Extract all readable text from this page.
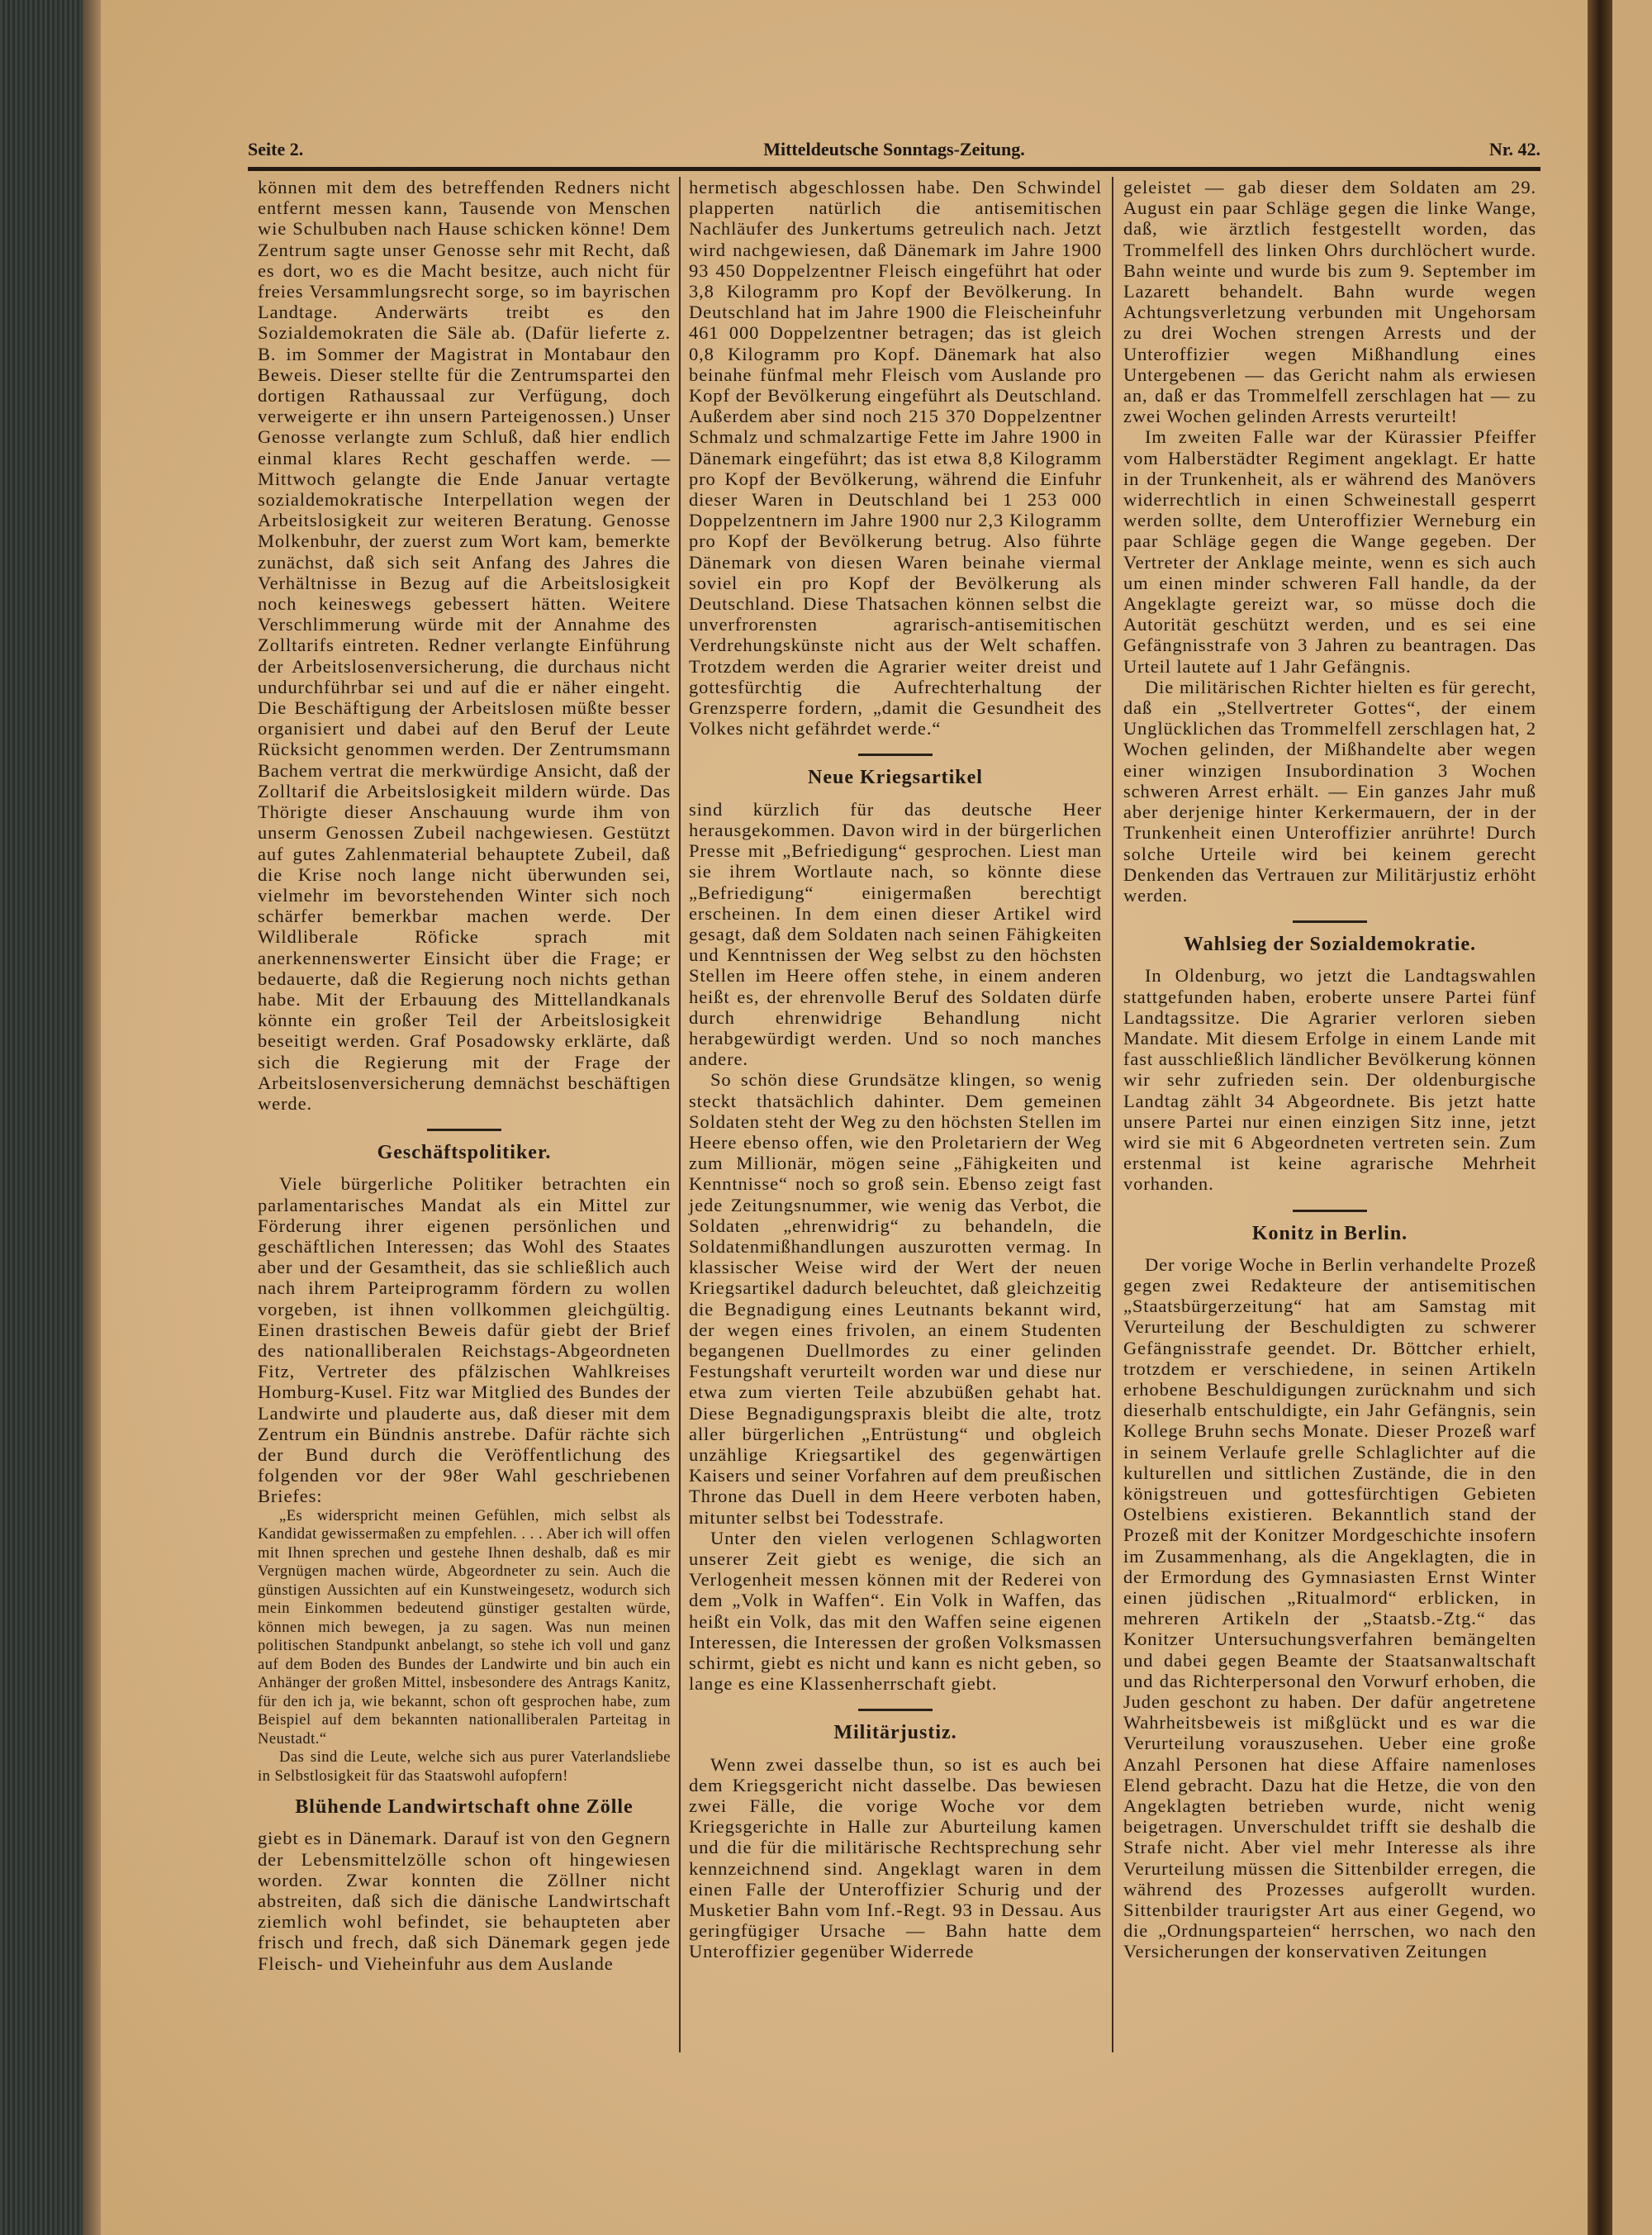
Mitteldeutsche Sonntags-Zeitung.
Seite 2.	Nr. 42.

können mit dem des betreffenden Redners nicht entfernt messen kann, Tausende von Menschen wie Schulbuben nach Hause schicken könne! Dem Zentrum sagte unser Genosse sehr mit Recht, daß es dort, wo es die Macht besitze, auch nicht für freies Versammlungsrecht sorge, so im bayrischen Landtage. Anderwärts treibt es den Sozialdemokraten die Säle ab. (Dafür lieferte z. B. im Sommer der Magistrat in Montabaur den Beweis. Dieser stellte für die Zentrumspartei den dortigen Rathaussaal zur Verfügung, doch verweigerte er ihn unsern Parteigenossen.) Unser Genosse verlangte zum Schluß, daß hier endlich einmal klares Recht geschaffen werde. — Mittwoch gelangte die Ende Januar vertagte sozialdemokratische Interpellation wegen der Arbeitslosigkeit zur weiteren Beratung. Genosse Molkenbuhr, der zuerst zum Wort kam, bemerkte zunächst, daß sich seit Anfang des Jahres die Verhältnisse in Bezug auf die Arbeitslosigkeit noch keineswegs gebessert hätten. Weitere Verschlimmerung würde mit der Annahme des Zolltarifs eintreten. Redner verlangte Einführung der Arbeitslosenversicherung, die durchaus nicht undurchführbar sei und auf die er näher eingeht. Die Beschäftigung der Arbeitslosen müßte besser organisiert und dabei auf den Beruf der Leute Rücksicht genommen werden. Der Zentrumsmann Bachem vertrat die merkwürdige Ansicht, daß der Zolltarif die Arbeitslosigkeit mildern würde. Das Thörigte dieser Anschauung wurde ihm von unserm Genossen Zubeil nachgewiesen. Gestützt auf gutes Zahlenmaterial behauptete Zubeil, daß die Krise noch lange nicht überwunden sei, vielmehr im bevorstehenden Winter sich noch schärfer bemerkbar machen werde. Der Wildliberale Röficke sprach mit anerkennenswerter Einsicht über die Frage; er bedauerte, daß die Regierung noch nichts gethan habe. Mit der Erbauung des Mittellandkanals könnte ein großer Teil der Arbeitslosigkeit beseitigt werden. Graf Posadowsky erklärte, daß sich die Regierung mit der Frage der Arbeitslosenversicherung demnächst beschäftigen werde.

Geschäftspolitiker.

Viele bürgerliche Politiker betrachten ein parlamentarisches Mandat als ein Mittel zur Förderung ihrer eigenen persönlichen und geschäftlichen Interessen; das Wohl des Staates aber und der Gesamtheit, das sie schließlich auch nach ihrem Parteiprogramm fördern zu wollen vorgeben, ist ihnen vollkommen gleichgültig. Einen drastischen Beweis dafür giebt der Brief des nationalliberalen Reichstags-Abgeordneten Fitz, Vertreter des pfälzischen Wahlkreises Homburg-Kusel. Fitz war Mitglied des Bundes der Landwirte und plauderte aus, daß dieser mit dem Zentrum ein Bündnis anstrebe. Dafür rächte sich der Bund durch die Veröffentlichung des folgenden vor der 98er Wahl geschriebenen Briefes:

„Es widerspricht meinen Gefühlen, mich selbst als Kandidat gewissermaßen zu empfehlen. . . . Aber ich will offen mit Ihnen sprechen und gestehe Ihnen deshalb, daß es mir Vergnügen machen würde, Abgeordneter zu sein. Auch die günstigen Aussichten auf ein Kunstweingesetz, wodurch sich mein Einkommen bedeutend günstiger gestalten würde, können mich bewegen, ja zu sagen. Was nun meinen politischen Standpunkt anbelangt, so stehe ich voll und ganz auf dem Boden des Bundes der Landwirte und bin auch ein Anhänger der großen Mittel, insbesondere des Antrags Kanitz, für den ich ja, wie bekannt, schon oft gesprochen habe, zum Beispiel auf dem bekannten nationalliberalen Parteitag in Neustadt.“

Das sind die Leute, welche sich aus purer Vaterlandsliebe in Selbstlosigkeit für das Staatswohl aufopfern!

Blühende Landwirtschaft ohne Zölle

giebt es in Dänemark. Darauf ist von den Gegnern der Lebensmittelzölle schon oft hingewiesen worden. Zwar konnten die Zöllner nicht abstreiten, daß sich die dänische Landwirtschaft ziemlich wohl befindet, sie behaupteten aber frisch und frech, daß sich Dänemark gegen jede Fleisch- und Vieheinfuhr aus dem Auslande

hermetisch abgeschlossen habe. Den Schwindel plapperten natürlich die antisemitischen Nachläufer des Junkertums getreulich nach. Jetzt wird nachgewiesen, daß Dänemark im Jahre 1900 93 450 Doppelzentner Fleisch eingeführt hat oder 3,8 Kilogramm pro Kopf der Bevölkerung. In Deutschland hat im Jahre 1900 die Fleischeinfuhr 461 000 Doppelzentner betragen; das ist gleich 0,8 Kilogramm pro Kopf. Dänemark hat also beinahe fünfmal mehr Fleisch vom Auslande pro Kopf der Bevölkerung eingeführt als Deutschland. Außerdem aber sind noch 215 370 Doppelzentner Schmalz und schmalzartige Fette im Jahre 1900 in Dänemark eingeführt; das ist etwa 8,8 Kilogramm pro Kopf der Bevölkerung, während die Einfuhr dieser Waren in Deutschland bei 1 253 000 Doppelzentnern im Jahre 1900 nur 2,3 Kilogramm pro Kopf der Bevölkerung betrug. Also führte Dänemark von diesen Waren beinahe viermal soviel ein pro Kopf der Bevölkerung als Deutschland. Diese Thatsachen können selbst die unverfrorensten agrarisch-antisemitischen Verdrehungskünste nicht aus der Welt schaffen. Trotzdem werden die Agrarier weiter dreist und gottesfürchtig die Aufrechterhaltung der Grenzsperre fordern, „damit die Gesundheit des Volkes nicht gefährdet werde.“

Neue Kriegsartikel

sind kürzlich für das deutsche Heer herausgekommen. Davon wird in der bürgerlichen Presse mit „Befriedigung“ gesprochen. Liest man sie ihrem Wortlaute nach, so könnte diese „Befriedigung“ einigermaßen berechtigt erscheinen. In dem einen dieser Artikel wird gesagt, daß dem Soldaten nach seinen Fähigkeiten und Kenntnissen der Weg selbst zu den höchsten Stellen im Heere offen stehe, in einem anderen heißt es, der ehrenvolle Beruf des Soldaten dürfe durch ehrenwidrige Behandlung nicht herabgewürdigt werden. Und so noch manches andere.

So schön diese Grundsätze klingen, so wenig steckt thatsächlich dahinter. Dem gemeinen Soldaten steht der Weg zu den höchsten Stellen im Heere ebenso offen, wie den Proletariern der Weg zum Millionär, mögen seine „Fähigkeiten und Kenntnisse“ noch so groß sein. Ebenso zeigt fast jede Zeitungsnummer, wie wenig das Verbot, die Soldaten „ehrenwidrig“ zu behandeln, die Soldatenmißhandlungen auszurotten vermag. In klassischer Weise wird der Wert der neuen Kriegsartikel dadurch beleuchtet, daß gleichzeitig die Begnadigung eines Leutnants bekannt wird, der wegen eines frivolen, an einem Studenten begangenen Duellmordes zu einer gelinden Festungshaft verurteilt worden war und diese nur etwa zum vierten Teile abzubüßen gehabt hat. Diese Begnadigungspraxis bleibt die alte, trotz aller bürgerlichen „Entrüstung“ und obgleich unzählige Kriegsartikel des gegenwärtigen Kaisers und seiner Vorfahren auf dem preußischen Throne das Duell in dem Heere verboten haben, mitunter selbst bei Todesstrafe.

Unter den vielen verlogenen Schlagworten unserer Zeit giebt es wenige, die sich an Verlogenheit messen können mit der Rederei von dem „Volk in Waffen“. Ein Volk in Waffen, das heißt ein Volk, das mit den Waffen seine eigenen Interessen, die Interessen der großen Volksmassen schirmt, giebt es nicht und kann es nicht geben, so lange es eine Klassenherrschaft giebt.

Militärjustiz.

Wenn zwei dasselbe thun, so ist es auch bei dem Kriegsgericht nicht dasselbe. Das bewiesen zwei Fälle, die vorige Woche vor dem Kriegsgerichte in Halle zur Aburteilung kamen und die für die militärische Rechtsprechung sehr kennzeichnend sind. Angeklagt waren in dem einen Falle der Unteroffizier Schurig und der Musketier Bahn vom Inf.-Regt. 93 in Dessau. Aus geringfügiger Ursache — Bahn hatte dem Unteroffizier gegenüber Widerrede

geleistet — gab dieser dem Soldaten am 29. August ein paar Schläge gegen die linke Wange, daß, wie ärztlich festgestellt worden, das Trommelfell des linken Ohrs durchlöchert wurde. Bahn weinte und wurde bis zum 9. September im Lazarett behandelt. Bahn wurde wegen Achtungsverletzung verbunden mit Ungehorsam zu drei Wochen strengen Arrests und der Unteroffizier wegen Mißhandlung eines Untergebenen — das Gericht nahm als erwiesen an, daß er das Trommelfell zerschlagen hat — zu zwei Wochen gelinden Arrests verurteilt!

Im zweiten Falle war der Kürassier Pfeiffer vom Halberstädter Regiment angeklagt. Er hatte in der Trunkenheit, als er während des Manövers widerrechtlich in einen Schweinestall gesperrt werden sollte, dem Unteroffizier Werneburg ein paar Schläge gegen die Wange gegeben. Der Vertreter der Anklage meinte, wenn es sich auch um einen minder schweren Fall handle, da der Angeklagte gereizt war, so müsse doch die Autorität geschützt werden, und es sei eine Gefängnisstrafe von 3 Jahren zu beantragen. Das Urteil lautete auf 1 Jahr Gefängnis.

Die militärischen Richter hielten es für gerecht, daß ein „Stellvertreter Gottes“, der einem Unglücklichen das Trommelfell zerschlagen hat, 2 Wochen gelinden, der Mißhandelte aber wegen einer winzigen Insubordination 3 Wochen schweren Arrest erhält. — Ein ganzes Jahr muß aber derjenige hinter Kerkermauern, der in der Trunkenheit einen Unteroffizier anrührte! Durch solche Urteile wird bei keinem gerecht Denkenden das Vertrauen zur Militärjustiz erhöht werden.

Wahlsieg der Sozialdemokratie.

In Oldenburg, wo jetzt die Landtagswahlen stattgefunden haben, eroberte unsere Partei fünf Landtagssitze. Die Agrarier verloren sieben Mandate. Mit diesem Erfolge in einem Lande mit fast ausschließlich ländlicher Bevölkerung können wir sehr zufrieden sein. Der oldenburgische Landtag zählt 34 Abgeordnete. Bis jetzt hatte unsere Partei nur einen einzigen Sitz inne, jetzt wird sie mit 6 Abgeordneten vertreten sein. Zum erstenmal ist keine agrarische Mehrheit vorhanden.

Konitz in Berlin.

Der vorige Woche in Berlin verhandelte Prozeß gegen zwei Redakteure der antisemitischen „Staatsbürgerzeitung“ hat am Samstag mit Verurteilung der Beschuldigten zu schwerer Gefängnisstrafe geendet. Dr. Böttcher erhielt, trotzdem er verschiedene, in seinen Artikeln erhobene Beschuldigungen zurücknahm und sich dieserhalb entschuldigte, ein Jahr Gefängnis, sein Kollege Bruhn sechs Monate. Dieser Prozeß warf in seinem Verlaufe grelle Schlaglichter auf die kulturellen und sittlichen Zustände, die in den königstreuen und gottesfürchtigen Gebieten Ostelbiens existieren. Bekanntlich stand der Prozeß mit der Konitzer Mordgeschichte insofern im Zusammenhang, als die Angeklagten, die in der Ermordung des Gymnasiasten Ernst Winter einen jüdischen „Ritualmord“ erblicken, in mehreren Artikeln der „Staatsb.-Ztg.“ das Konitzer Untersuchungsverfahren bemängelten und dabei gegen Beamte der Staatsanwaltschaft und das Richterpersonal den Vorwurf erhoben, die Juden geschont zu haben. Der dafür angetretene Wahrheitsbeweis ist mißglückt und es war die Verurteilung vorauszusehen. Ueber eine große Anzahl Personen hat diese Affaire namenloses Elend gebracht. Dazu hat die Hetze, die von den Angeklagten betrieben wurde, nicht wenig beigetragen. Unverschuldet trifft sie deshalb die Strafe nicht. Aber viel mehr Interesse als ihre Verurteilung müssen die Sittenbilder erregen, die während des Prozesses aufgerollt wurden. Sittenbilder traurigster Art aus einer Gegend, wo die „Ordnungsparteien“ herrschen, wo nach den Versicherungen der konservativen Zeitungen
